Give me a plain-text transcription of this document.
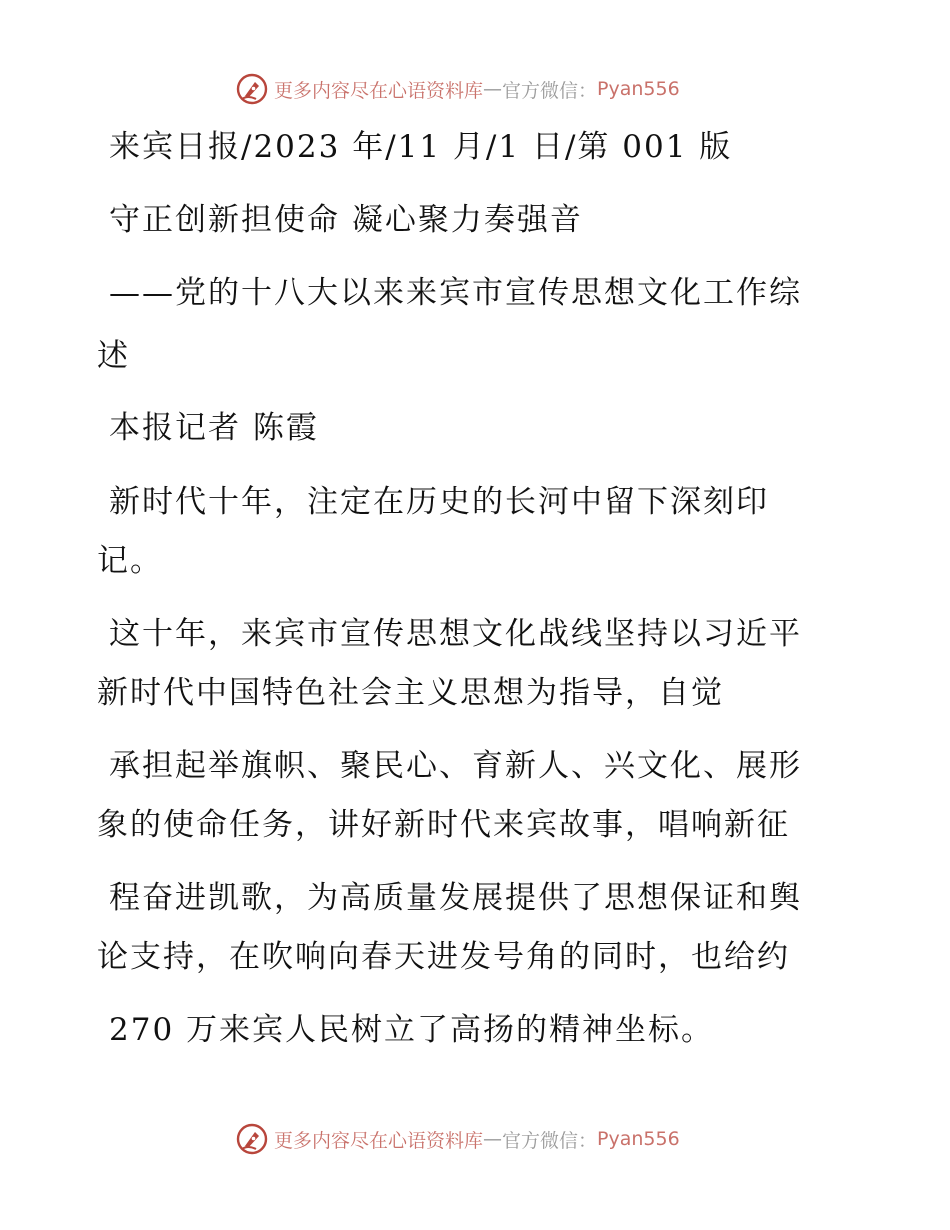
更多内容尽在心语资料库 — 官方微信： Pyan556
来宾日报/2023 年/11 月/1 日/第 001 版
守正创新担使命 凝心聚力奏强音
——党的十八大以来来宾市宣传思想文化工作综
述
本报记者 陈霞
新时代十年，注定在历史的长河中留下深刻印
记。
这十年，来宾市宣传思想文化战线坚持以习近平
新时代中国特色社会主义思想为指导，自觉
承担起举旗帜、聚民心、育新人、兴文化、展形
象的使命任务，讲好新时代来宾故事，唱响新征
程奋进凯歌，为高质量发展提供了思想保证和舆
论支持，在吹响向春天进发号角的同时，也给约
270 万来宾人民树立了高扬的精神坐标。
更多内容尽在心语资料库 — 官方微信： Pyan556
